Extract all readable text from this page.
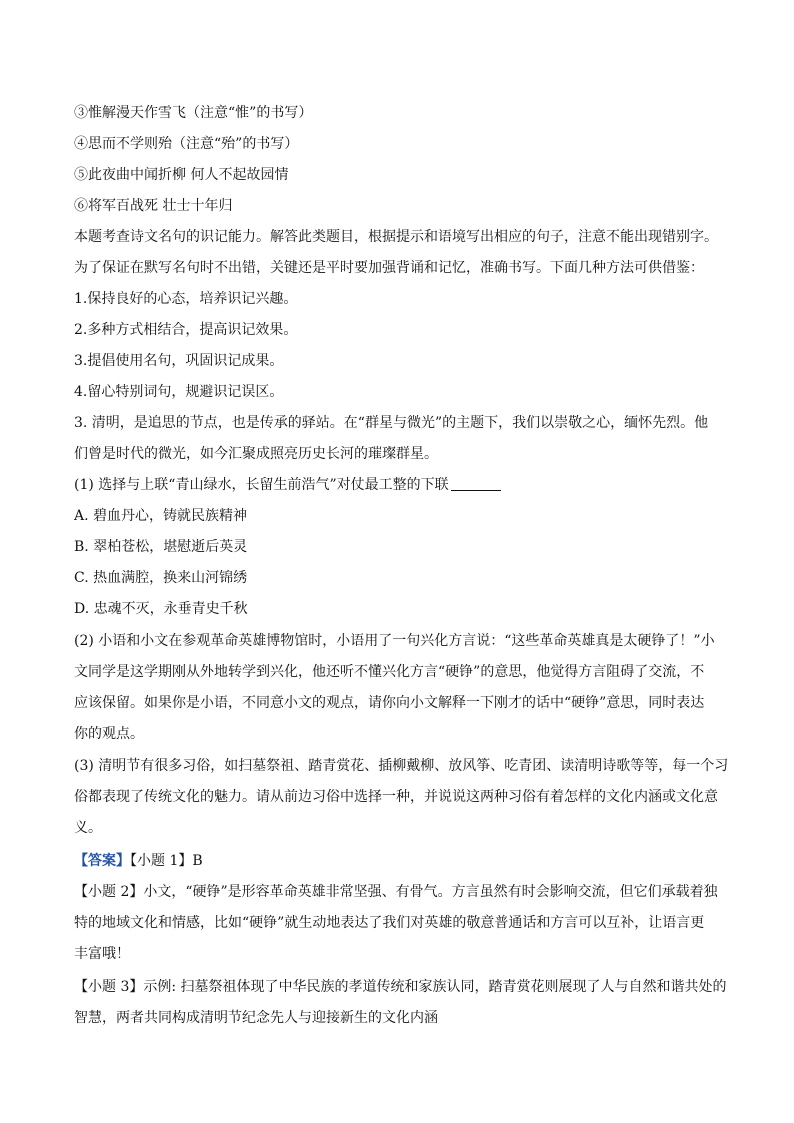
③惟解漫天作雪飞（注意“惟”的书写）
④思而不学则殆（注意“殆”的书写）
⑤此夜曲中闻折柳 何人不起故园情
⑥将军百战死 壮士十年归
本题考查诗文名句的识记能力。解答此类题目，根据提示和语境写出相应的句子，注意不能出现错别字。
为了保证在默写名句时不出错，关键还是平时要加强背诵和记忆，准确书写。下面几种方法可供借鉴：
1.保持良好的心态，培养识记兴趣。
2.多种方式相结合，提高识记效果。
3.提倡使用名句，巩固识记成果。
4.留心特别词句，规避识记误区。
3. 清明，是追思的节点，也是传承的驿站。在“群星与微光”的主题下，我们以崇敬之心，缅怀先烈。他
们曾是时代的微光，如今汇聚成照亮历史长河的璀璨群星。
(1) 选择与上联“青山绿水，长留生前浩气”对仗最工整的下联
A. 碧血丹心，铸就民族精神
B. 翠柏苍松，堪慰逝后英灵
C. 热血满腔，换来山河锦绣
D. 忠魂不灭，永垂青史千秋
(2) 小语和小文在参观革命英雄博物馆时，小语用了一句兴化方言说：“这些革命英雄真是太硬铮了！”小
文同学是这学期刚从外地转学到兴化，他还听不懂兴化方言“硬铮”的意思，他觉得方言阻碍了交流，不
应该保留。如果你是小语，不同意小文的观点，请你向小文解释一下刚才的话中“硬铮”意思，同时表达
你的观点。
(3) 清明节有很多习俗，如扫墓祭祖、踏青赏花、插柳戴柳、放风筝、吃青团、读清明诗歌等等，每一个习
俗都表现了传统文化的魅力。请从前边习俗中选择一种，并说说这两种习俗有着怎样的文化内涵或文化意
义。
【答案】【小题 1】B
【小题 2】小文，“硬铮”是形容革命英雄非常坚强、有骨气。方言虽然有时会影响交流，但它们承载着独
特的地域文化和情感，比如“硬铮”就生动地表达了我们对英雄的敬意普通话和方言可以互补，让语言更
丰富哦！
【小题 3】示例: 扫墓祭祖体现了中华民族的孝道传统和家族认同，踏青赏花则展现了人与自然和谐共处的
智慧，两者共同构成清明节纪念先人与迎接新生的文化内涵
